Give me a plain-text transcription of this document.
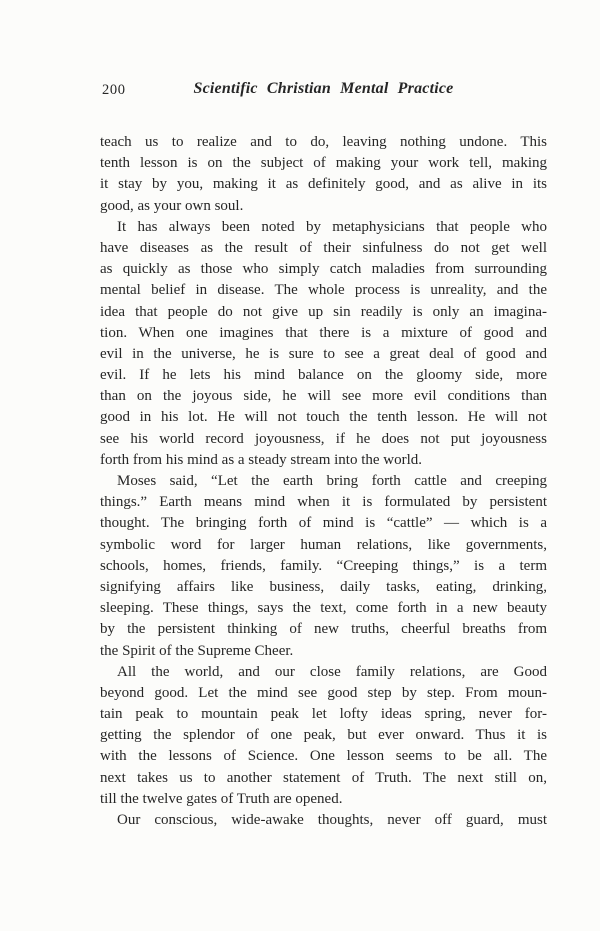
200	Scientific Christian Mental Practice
teach us to realize and to do, leaving nothing undone. This
tenth lesson is on the subject of making your work tell, making
it stay by you, making it as definitely good, and as alive in its
good, as your own soul.
It has always been noted by metaphysicians that people who
have diseases as the result of their sinfulness do not get well
as quickly as those who simply catch maladies from surrounding
mental belief in disease. The whole process is unreality, and the
idea that people do not give up sin readily is only an imagina-
tion. When one imagines that there is a mixture of good and
evil in the universe, he is sure to see a great deal of good and
evil. If he lets his mind balance on the gloomy side, more
than on the joyous side, he will see more evil conditions than
good in his lot. He will not touch the tenth lesson. He will not
see his world record joyousness, if he does not put joyousness
forth from his mind as a steady stream into the world.
Moses said, “Let the earth bring forth cattle and creeping
things.” Earth means mind when it is formulated by persistent
thought. The bringing forth of mind is “cattle” — which is a
symbolic word for larger human relations, like governments,
schools, homes, friends, family. “Creeping things,” is a term
signifying affairs like business, daily tasks, eating, drinking,
sleeping. These things, says the text, come forth in a new beauty
by the persistent thinking of new truths, cheerful breaths from
the Spirit of the Supreme Cheer.
All the world, and our close family relations, are Good
beyond good. Let the mind see good step by step. From moun-
tain peak to mountain peak let lofty ideas spring, never for-
getting the splendor of one peak, but ever onward. Thus it is
with the lessons of Science. One lesson seems to be all. The
next takes us to another statement of Truth. The next still on,
till the twelve gates of Truth are opened.
Our conscious, wide-awake thoughts, never off guard, must
